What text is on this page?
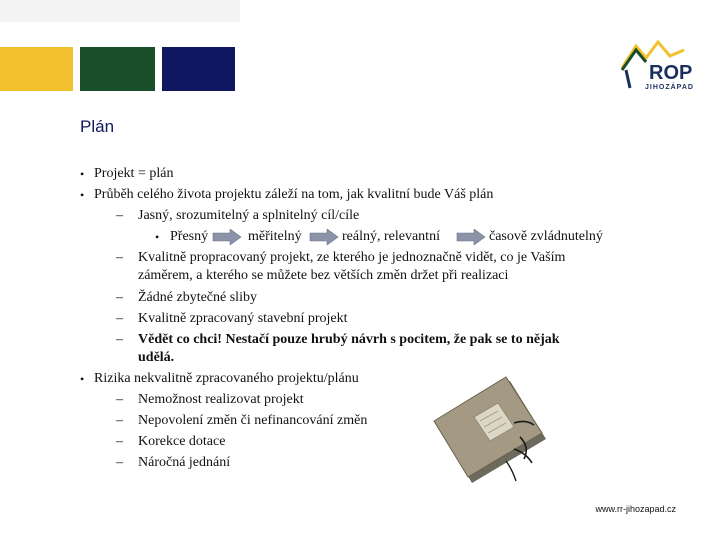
ROP
JIHOZÁPAD
Plán
• Projekt = plán
• Průběh celého života projektu záleží na tom, jak kvalitní bude Váš plán
– Jasný, srozumitelný a splnitelný cíl/cíle
• Přesný	měřitelný	reálný, relevantní	časově zvládnutelný
– Kvalitně propracovaný projekt, ze kterého je jednoznačně vidět, co je Vaším
záměrem, a kterého se můžete bez větších změn držet při realizaci
– Žádné zbytečné sliby
– Kvalitně zpracovaný stavební projekt
– Vědět co chci! Nestačí pouze hrubý návrh s pocitem, že pak se to nějak
udělá.
• Rizika nekvalitně zpracovaného projektu/plánu
– Nemožnost realizovat projekt
– Nepovolení změn či nefinancování změn
– Korekce dotace
– Náročná jednání
www.rr-jihozapad.cz
